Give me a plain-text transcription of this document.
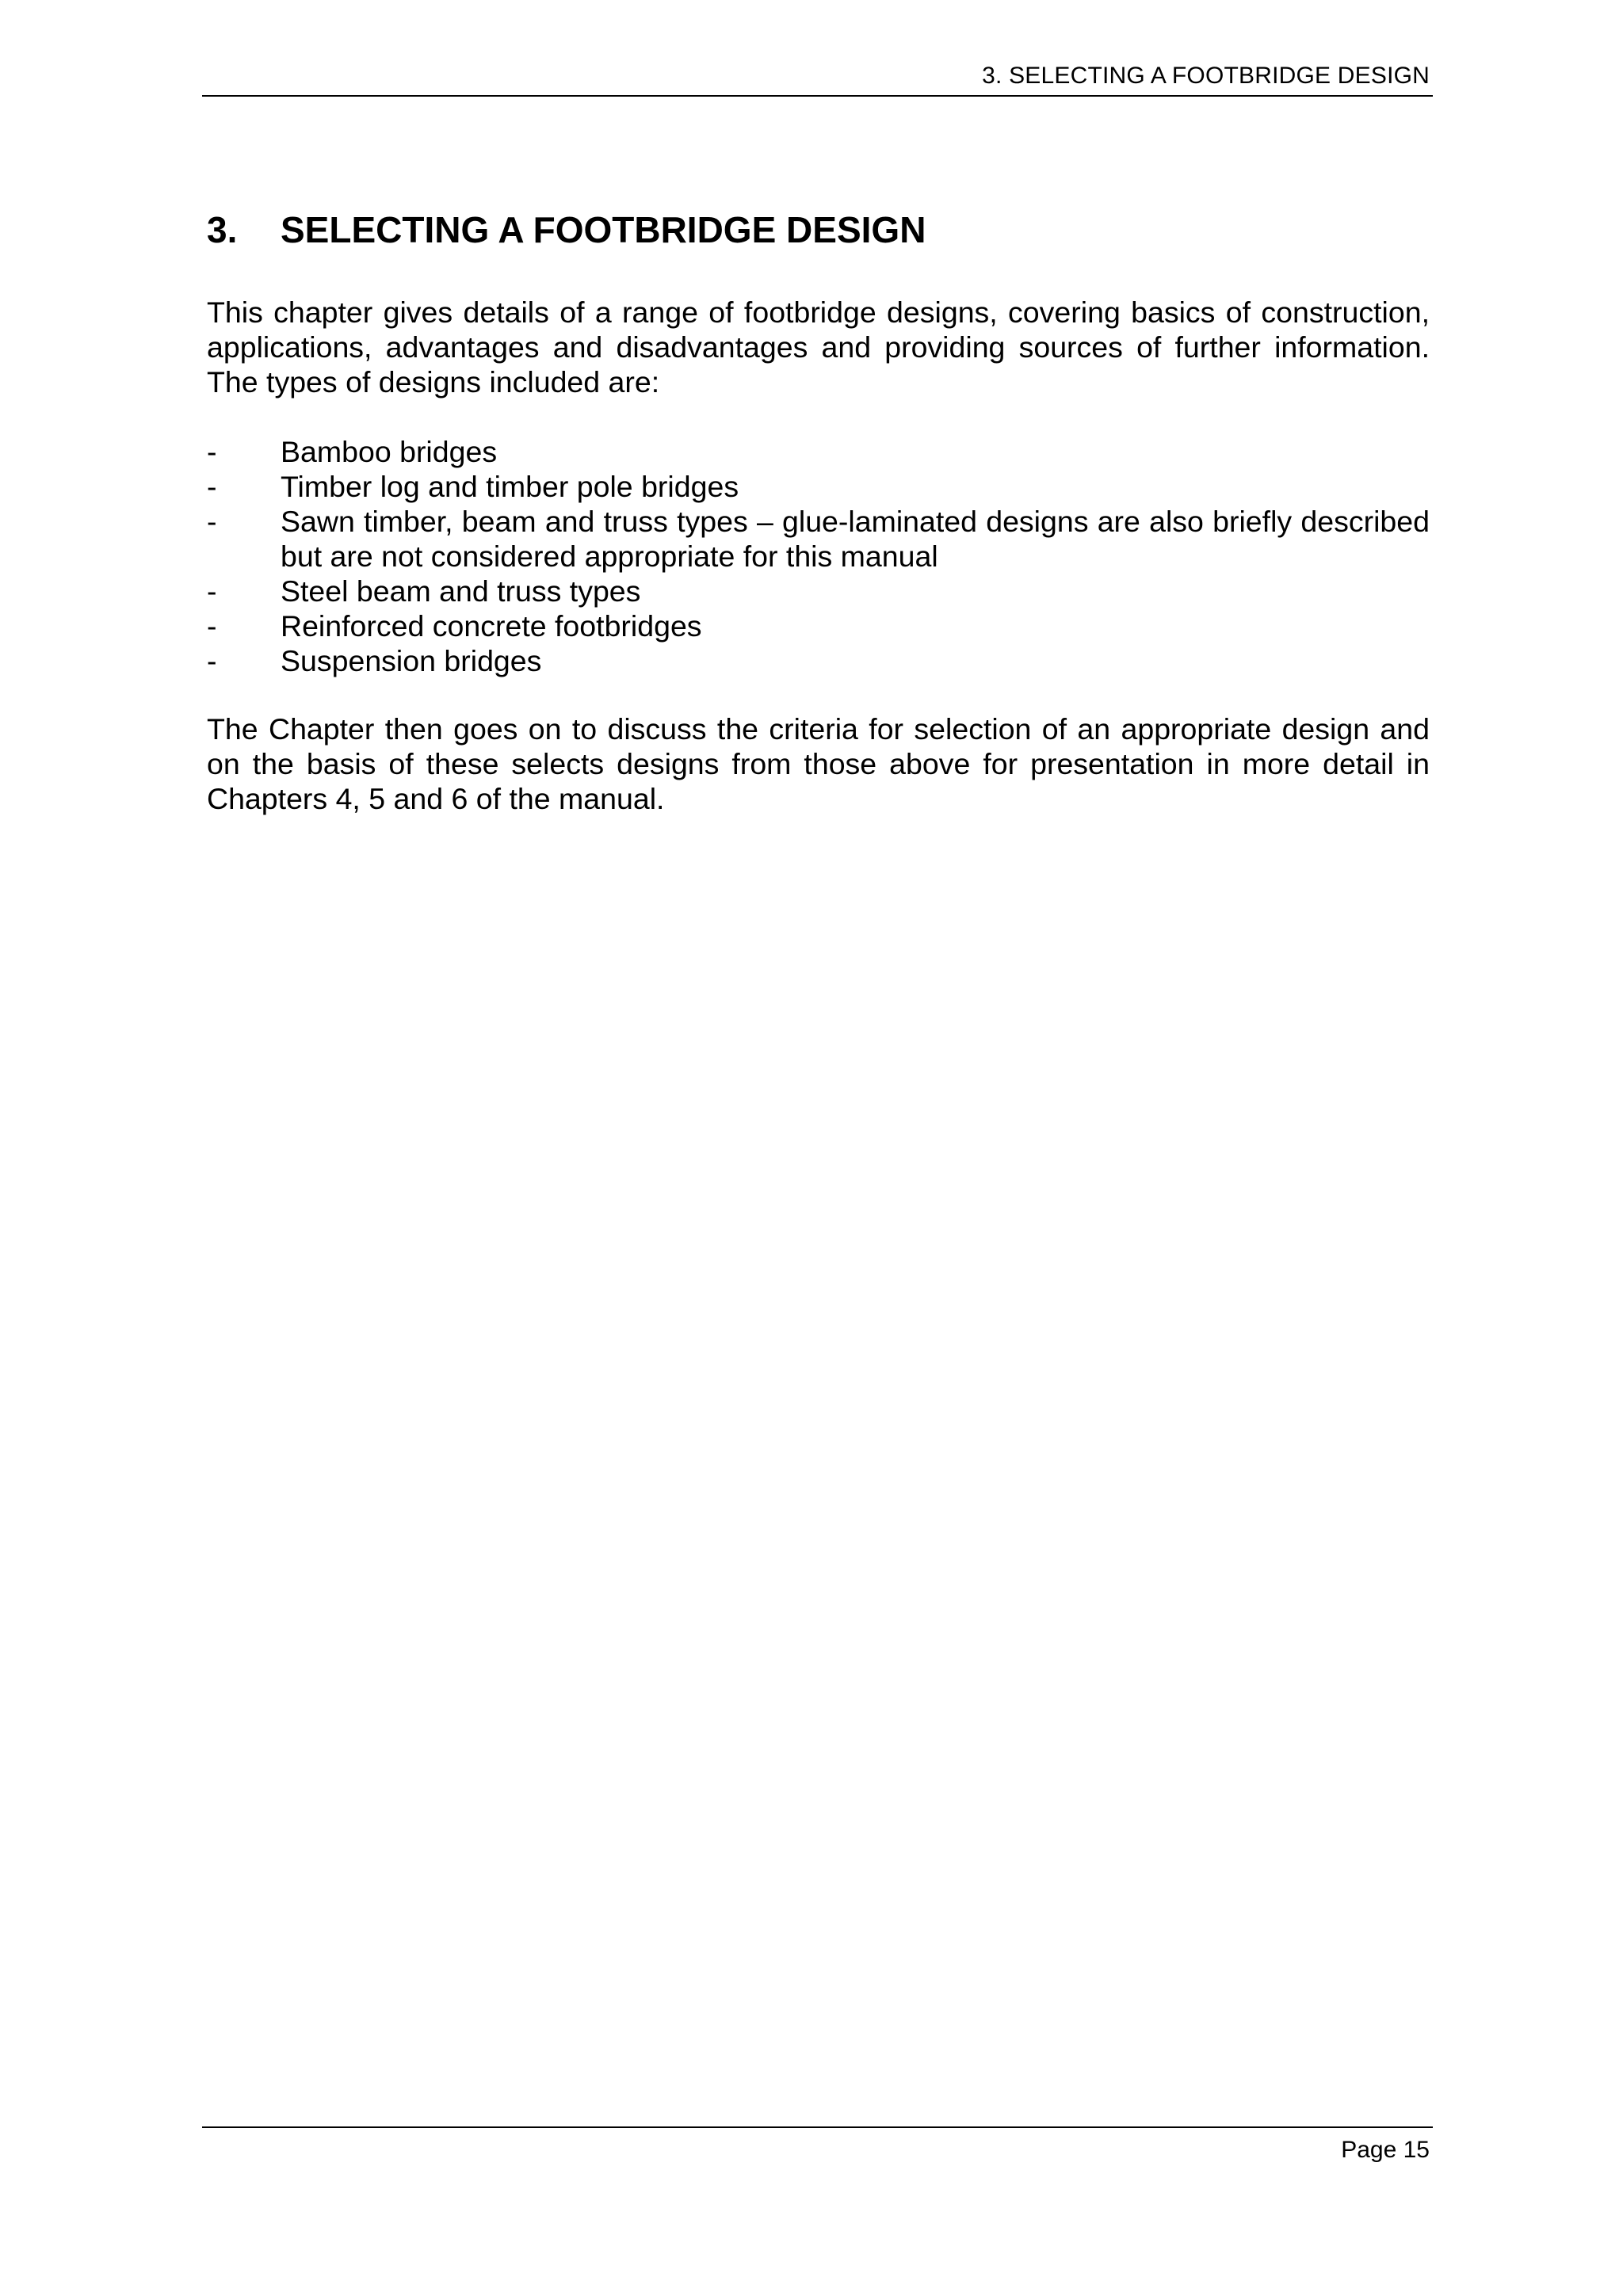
3. SELECTING A FOOTBRIDGE DESIGN
3. SELECTING A FOOTBRIDGE DESIGN

This chapter gives details of a range of footbridge designs, covering basics of construction, applications, advantages and disadvantages and providing sources of further information. The types of designs included are:

- Bamboo bridges
- Timber log and timber pole bridges
- Sawn timber, beam and truss types – glue-laminated designs are also briefly described but are not considered appropriate for this manual
- Steel beam and truss types
- Reinforced concrete footbridges
- Suspension bridges

The Chapter then goes on to discuss the criteria for selection of an appropriate design and on the basis of these selects designs from those above for presentation in more detail in Chapters 4, 5 and 6 of the manual.

Page 15
